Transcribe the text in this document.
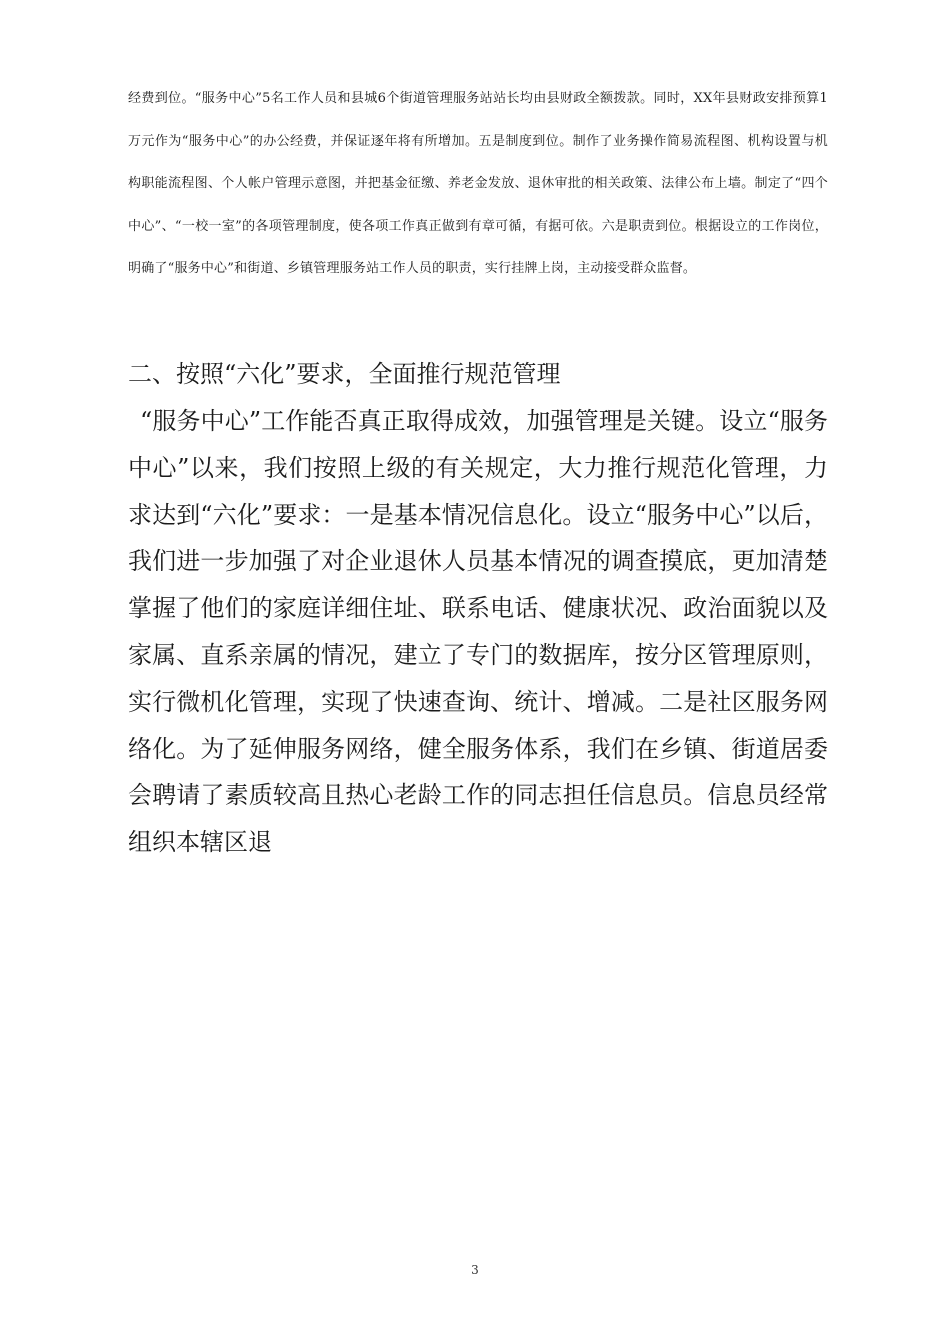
经费到位。“服务中心”5名工作人员和县城6个街道管理服务站站长均由县财政全额拨款。同时，XX年县财政安排预算1万元作为“服务中心”的办公经费，并保证逐年将有所增加。五是制度到位。制作了业务操作简易流程图、机构设置与机构职能流程图、个人帐户管理示意图，并把基金征缴、养老金发放、退休审批的相关政策、法律公布上墙。制定了“四个中心”、“一校一室”的各项管理制度，使各项工作真正做到有章可循，有据可依。六是职责到位。根据设立的工作岗位，明确了“服务中心”和街道、乡镇管理服务站工作人员的职责，实行挂牌上岗，主动接受群众监督。

二、按照“六化”要求，全面推行规范管理

“服务中心”工作能否真正取得成效，加强管理是关键。设立“服务中心”以来，我们按照上级的有关规定，大力推行规范化管理，力求达到“六化”要求：一是基本情况信息化。设立“服务中心”以后，我们进一步加强了对企业退休人员基本情况的调查摸底，更加清楚掌握了他们的家庭详细住址、联系电话、健康状况、政治面貌以及家属、直系亲属的情况，建立了专门的数据库，按分区管理原则，实行微机化管理，实现了快速查询、统计、增减。二是社区服务网络化。为了延伸服务网络，健全服务体系，我们在乡镇、街道居委会聘请了素质较高且热心老龄工作的同志担任信息员。信息员经常组织本辖区退

3
